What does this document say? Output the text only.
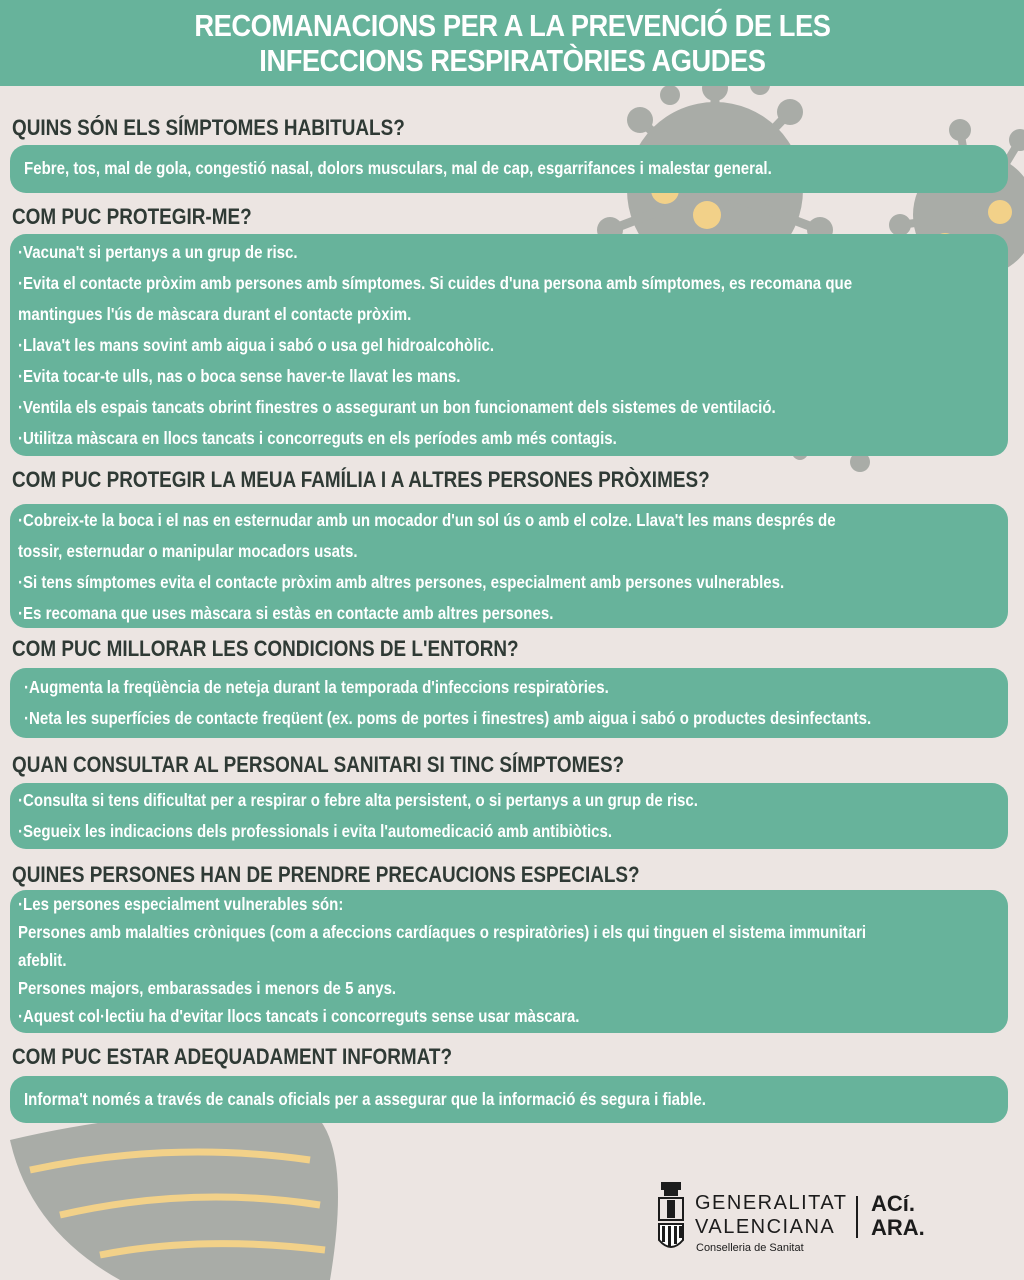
RECOMANACIONS PER A LA PREVENCIÓ DE LES
INFECCIONS RESPIRATÒRIES AGUDES
QUINS SÓN ELS SÍMPTOMES HABITUALS?
Febre, tos, mal de gola, congestió nasal, dolors musculars, mal de cap, esgarrifances i malestar general.
COM PUC PROTEGIR-ME?
·Vacuna't si pertanys a un grup de risc.
·Evita el contacte pròxim amb persones amb símptomes. Si cuides d'una persona amb símptomes, es recomana que
mantingues l'ús de màscara durant el contacte pròxim.
·Llava't les mans sovint amb aigua i sabó o usa gel hidroalcohòlic.
·Evita tocar-te ulls, nas o boca sense haver-te llavat les mans.
·Ventila els espais tancats obrint finestres o assegurant un bon funcionament dels sistemes de ventilació.
·Utilitza màscara en llocs tancats i concorreguts en els períodes amb més contagis.
COM PUC PROTEGIR LA MEUA FAMÍLIA I A ALTRES PERSONES PRÒXIMES?
·Cobreix-te la boca i el nas en esternudar amb un mocador d'un sol ús o amb el colze. Llava't les mans després de
tossir, esternudar o manipular mocadors usats.
·Si tens símptomes evita el contacte pròxim amb altres persones, especialment amb persones vulnerables.
·Es recomana que uses màscara si estàs en contacte amb altres persones.
COM PUC MILLORAR LES CONDICIONS DE L'ENTORN?
·Augmenta la freqüència de neteja durant la temporada d'infeccions respiratòries.
·Neta les superfícies de contacte freqüent (ex. poms de portes i finestres) amb aigua i sabó o productes desinfectants.
QUAN CONSULTAR AL PERSONAL SANITARI SI TINC SÍMPTOMES?
·Consulta si tens dificultat per a respirar o febre alta persistent, o si pertanys a un grup de risc.
·Segueix les indicacions dels professionals i evita l'automedicació amb antibiòtics.
QUINES PERSONES HAN DE PRENDRE PRECAUCIONS ESPECIALS?
·Les persones especialment vulnerables són:
Persones amb malalties cròniques (com a afeccions cardíaques o respiratòries) i els qui tinguen el sistema immunitari
afeblit.
Persones majors, embarassades i menors de 5 anys.
·Aquest col·lectiu ha d'evitar llocs tancats i concorreguts sense usar màscara.
COM PUC ESTAR ADEQUADAMENT INFORMAT?
Informa't només a través de canals oficials per a assegurar que la informació és segura i fiable.
GENERALITAT
VALENCIANA
Conselleria de Sanitat
ACí.
ARA.
